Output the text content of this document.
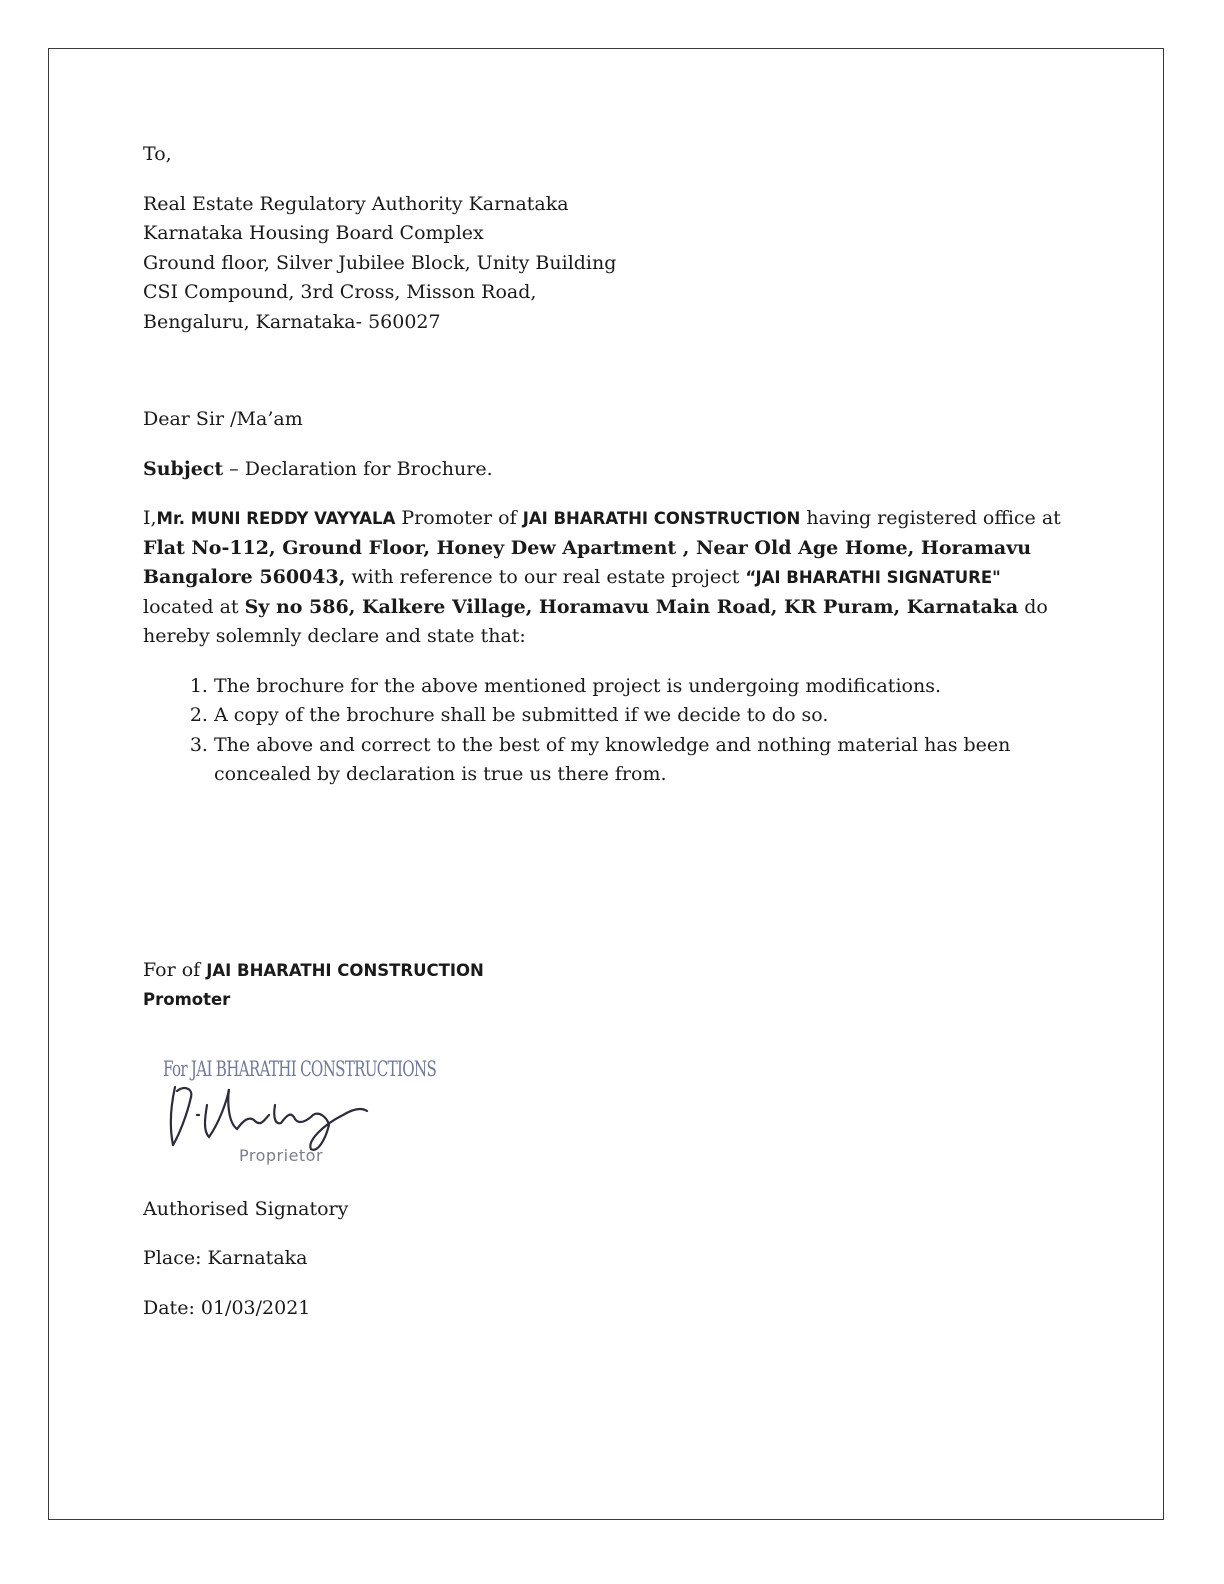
To,

Real Estate Regulatory Authority Karnataka
Karnataka Housing Board Complex
Ground floor, Silver Jubilee Block, Unity Building
CSI Compound, 3rd Cross, Misson Road,
Bengaluru, Karnataka- 560027

Dear Sir /Ma’am

Subject – Declaration for Brochure.

I,Mr. MUNI REDDY VAYYALA Promoter of JAI BHARATHI CONSTRUCTION having registered office at Flat No-112, Ground Floor, Honey Dew Apartment , Near Old Age Home, Horamavu Bangalore 560043, with reference to our real estate project “JAI BHARATHI SIGNATURE" located at Sy no 586, Kalkere Village, Horamavu Main Road, KR Puram, Karnataka do hereby solemnly declare and state that:

1. The brochure for the above mentioned project is undergoing modifications.
2. A copy of the brochure shall be submitted if we decide to do so.
3. The above and correct to the best of my knowledge and nothing material has been concealed by declaration is true us there from.

For of JAI BHARATHI CONSTRUCTION

Promoter

For JAI BHARATHI CONSTRUCTIONS
Proprietor

Authorised Signatory

Place: Karnataka

Date: 01/03/2021
